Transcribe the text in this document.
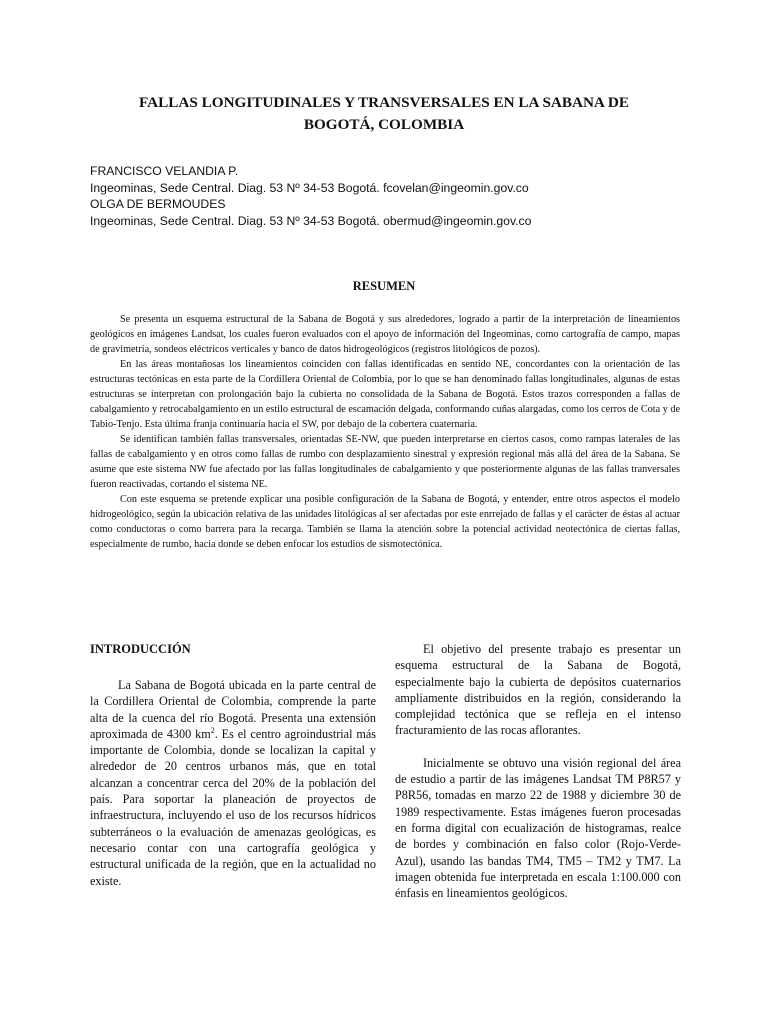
FALLAS LONGITUDINALES Y TRANSVERSALES EN LA SABANA DE
BOGOTÁ, COLOMBIA
FRANCISCO VELANDIA P.
Ingeominas, Sede Central. Diag. 53 Nº 34-53 Bogotá. fcovelan@ingeomin.gov.co
OLGA DE BERMOUDES
Ingeominas, Sede Central. Diag. 53 Nº 34-53 Bogotá. obermud@ingeomin.gov.co
RESUMEN

Se presenta un esquema estructural de la Sabana de Bogotá y sus alrededores, logrado a partir de la interpretación de lineamientos geológicos en imágenes Landsat, los cuales fueron evaluados con el apoyo de información del Ingeominas, como cartografía de campo, mapas de gravimetría, sondeos eléctricos verticales y banco de datos hidrogeológicos (registros litológicos de pozos).

En las áreas montañosas los lineamientos coinciden con fallas identificadas en sentido NE, concordantes con la orientación de las estructuras tectónicas en esta parte de la Cordillera Oriental de Colombia, por lo que se han denominado fallas longitudinales, algunas de estas estructuras se interpretan con prolongación bajo la cubierta no consolidada de la Sabana de Bogotá. Estos trazos corresponden a fallas de cabalgamiento y retrocabalgamiento en un estilo estructural de escamación delgada, conformando cuñas alargadas, como los cerros de Cota y de Tabio-Tenjo. Esta última franja continuaría hacia el SW, por debajo de la cobertera cuaternaria.

Se identifican también fallas transversales, orientadas SE-NW, que pueden interpretarse en ciertos casos, como rampas laterales de las fallas de cabalgamiento y en otros como fallas de rumbo con desplazamiento sinestral y expresión regional más allá del área de la Sabana. Se asume que este sistema NW fue afectado por las fallas longitudinales de cabalgamiento y que posteriormente algunas de las fallas tranversales fueron reactivadas, cortando el sistema NE.

Con este esquema se pretende explicar una posible configuración de la Sabana de Bogotá, y entender, entre otros aspectos el modelo hidrogeológico, según la ubicación relativa de las unidades litológicas al ser afectadas por este enrrejado de fallas y el carácter de éstas al actuar como conductoras o como barrera para la recarga. También se llama la atención sobre la potencial actividad neotectónica de ciertas fallas, especialmente de rumbo, hacia donde se deben enfocar los estudios de sismotectónica.

INTRODUCCIÓN

La Sabana de Bogotá ubicada en la parte central de la Cordillera Oriental de Colombia, comprende la parte alta de la cuenca del río Bogotá. Presenta una extensión aproximada de 4300 $km^2$. Es el centro agroindustrial más importante de Colombia, donde se localizan la capital y alrededor de 20 centros urbanos más, que en total alcanzan a concentrar cerca del 20% de la población del país. Para soportar la planeación de proyectos de infraestructura, incluyendo el uso de los recursos hídricos subterráneos o la evaluación de amenazas geológicas, es necesario contar con una cartografía geológica y estructural unificada de la región, que en la actualidad no existe.

El objetivo del presente trabajo es presentar un esquema estructural de la Sabana de Bogotá, especialmente bajo la cubierta de depósitos cuaternarios ampliamente distribuidos en la región, considerando la complejidad tectónica que se refleja en el intenso fracturamiento de las rocas aflorantes.

Inicialmente se obtuvo una visión regional del área de estudio a partir de las imágenes Landsat TM P8R57 y P8R56, tomadas en marzo 22 de 1988 y diciembre 30 de 1989 respectivamente. Estas imágenes fueron procesadas en forma digital con ecualización de histogramas, realce de bordes y combinación en falso color (Rojo-Verde-Azul), usando las bandas TM4, TM5 – TM2 y TM7. La imagen obtenida fue interpretada en escala 1:100.000 con énfasis en lineamientos geológicos.
